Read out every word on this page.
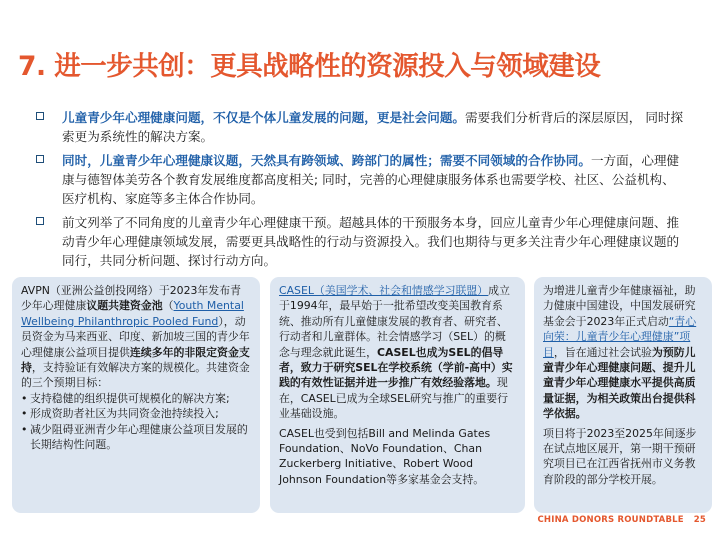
7. 进一步共创：更具战略性的资源投入与领域建设
儿童青少年心理健康问题，不仅是个体儿童发展的问题，更是社会问题。需要我们分析背后的深层原因， 同时探索更为系统性的解决方案。
同时，儿童青少年心理健康议题，天然具有跨领域、跨部门的属性；需要不同领域的合作协同。一方面，心理健康与德智体美劳各个教育发展维度都高度相关; 同时，完善的心理健康服务体系也需要学校、社区、公益机构、医疗机构、家庭等多主体合作协同。
前文列举了不同角度的儿童青少年心理健康干预。超越具体的干预服务本身，回应儿童青少年心理健康问题、推动青少年心理健康领域发展，需要更具战略性的行动与资源投入。我们也期待与更多关注青少年心理健康议题的同行，共同分析问题、探讨行动方向。
AVPN（亚洲公益创投网络）于2023年发布青少年心理健康议题共建资金池（Youth Mental Wellbeing Philanthropic Pooled Fund），动员资金为马来西亚、印度、新加坡三国的青少年心理健康公益项目提供连续多年的非限定资金支持，支持验证有效解决方案的规模化。共建资金的三个预期目标：
• 支持稳健的组织提供可规模化的解决方案;
• 形成资助者社区为共同资金池持续投入;
• 减少阻碍亚洲青少年心理健康公益项目发展的长期结构性问题。
CASEL（美国学术、社会和情感学习联盟）成立于1994年，最早始于一批希望改变美国教育系统、推动所有儿童健康发展的教育者、研究者、行动者和儿童群体。社会情感学习（SEL）的概念与理念就此诞生，CASEL也成为SEL的倡导者，致力于研究SEL在学校系统（学前-高中）实践的有效性证据并进一步推广有效经验落地。现在，CASEL已成为全球SEL研究与推广的重要行业基础设施。
CASEL也受到包括Bill and Melinda Gates Foundation、NoVo Foundation、Chan Zuckerberg Initiative、Robert Wood Johnson Foundation等多家基金会支持。
为增进儿童青少年健康福祉，助力健康中国建设，中国发展研究基金会于2023年正式启动“青心向荣：儿童青少年心理健康”项目，旨在通过社会试验为预防儿童青少年心理健康问题、提升儿童青少年心理健康水平提供高质量证据，为相关政策出台提供科学依据。
项目将于2023至2025年间逐步在试点地区展开，第一期干预研究项目已在江西省抚州市义务教育阶段的部分学校开展。
CHINA DONORS ROUNDTABLE 25
